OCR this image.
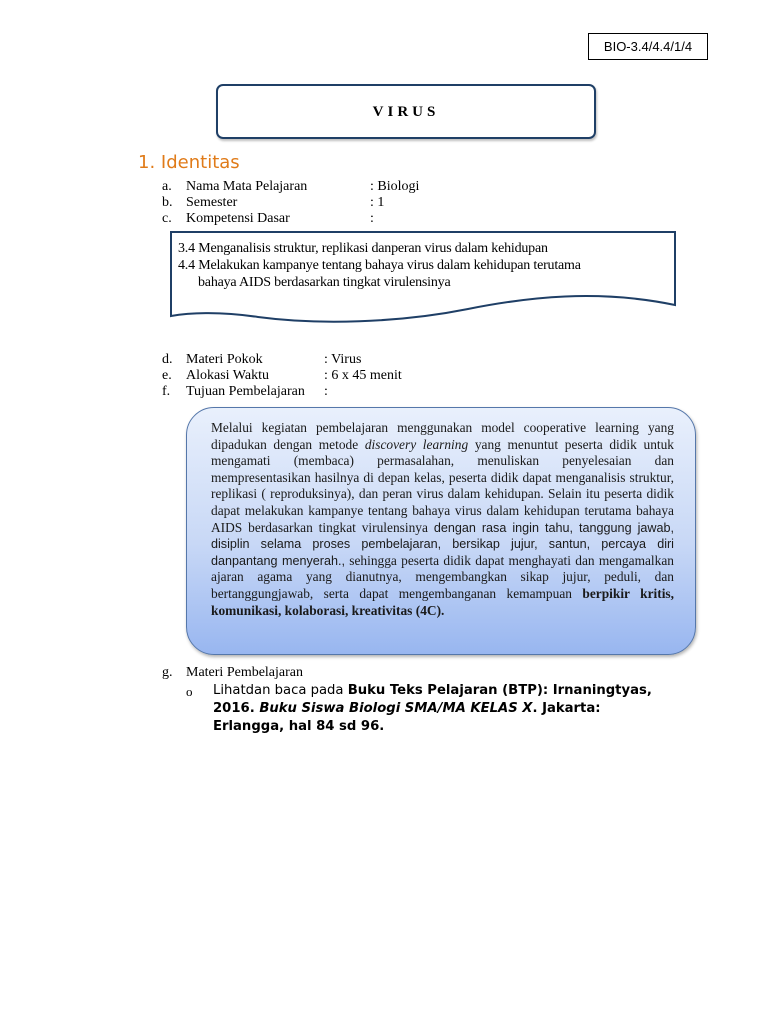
BIO-3.4/4.4/1/4
VIRUS
1. Identitas
a. Nama Mata Pelajaran	: Biologi
b. Semester	: 1
c. Kompetensi Dasar	:
3.4 Menganalisis struktur, replikasi danperan virus dalam kehidupan
4.4 Melakukan kampanye tentang bahaya virus dalam kehidupan terutama
bahaya AIDS berdasarkan tingkat virulensinya
d. Materi Pokok	: Virus
e. Alokasi Waktu	: 6 x 45 menit
f. Tujuan Pembelajaran :
Melalui kegiatan pembelajaran menggunakan model cooperative learning yang dipadukan dengan metode discovery learning yang menuntut peserta didik untuk mengamati (membaca) permasalahan, menuliskan penyelesaian dan mempresentasikan hasilnya di depan kelas, peserta didik dapat menganalisis struktur, replikasi ( reproduksinya), dan peran virus dalam kehidupan. Selain itu peserta didik dapat melakukan kampanye tentang bahaya virus dalam kehidupan terutama bahaya AIDS berdasarkan tingkat virulensinya dengan rasa ingin tahu, tanggung jawab, disiplin selama proses pembelajaran, bersikap jujur, santun, percaya diri danpantang menyerah., sehingga peserta didik dapat menghayati dan mengamalkan ajaran agama yang dianutnya, mengembangkan sikap jujur, peduli, dan bertanggungjawab, serta dapat mengembanganan kemampuan berpikir kritis, komunikasi, kolaborasi, kreativitas (4C).
g. Materi Pembelajaran
o Lihatdan baca pada Buku Teks Pelajaran (BTP): Irnaningtyas, 2016. Buku Siswa Biologi SMA/MA KELAS X. Jakarta: Erlangga, hal 84 sd 96.
